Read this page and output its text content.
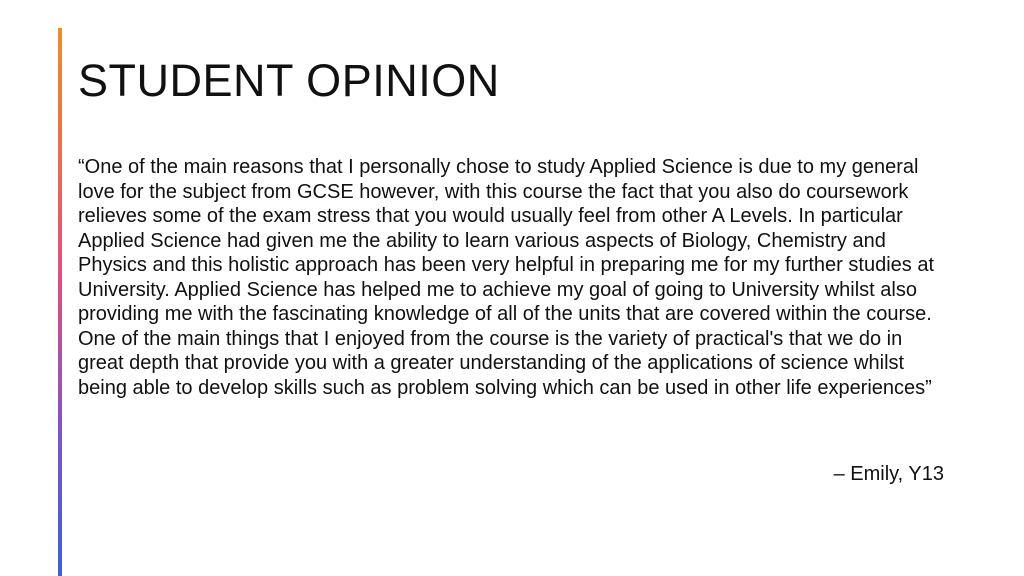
STUDENT OPINION

“One of the main reasons that I personally chose to study Applied Science is due to my general love for the subject from GCSE however, with this course the fact that you also do coursework relieves some of the exam stress that you would usually feel from other A Levels. In particular Applied Science had given me the ability to learn various aspects of Biology, Chemistry and Physics and this holistic approach has been very helpful in preparing me for my further studies at University. Applied Science has helped me to achieve my goal of going to University whilst also providing me with the fascinating knowledge of all of the units that are covered within the course. One of the main things that I enjoyed from the course is the variety of practical's that we do in great depth that provide you with a greater understanding of the applications of science whilst being able to develop skills such as problem solving which can be used in other life experiences”

– Emily, Y13
